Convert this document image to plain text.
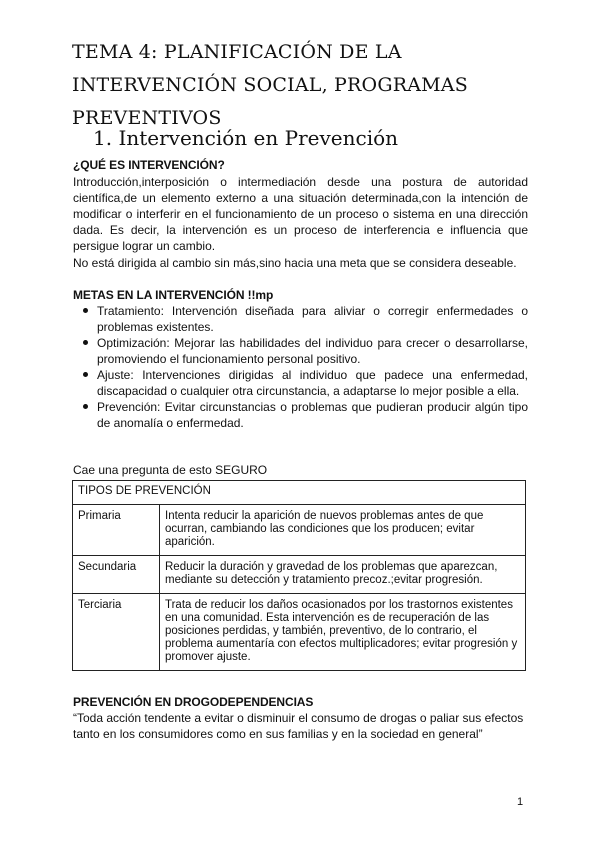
TEMA 4: PLANIFICACIÓN DE LA INTERVENCIÓN SOCIAL, PROGRAMAS
PREVENTIVOS
1. Intervención en Prevención
¿QUÉ ES INTERVENCIÓN?
Introducción,interposición o intermediación desde una postura de autoridad científica,de un elemento externo a una situación determinada,con la intención de modificar o interferir en el funcionamiento de un proceso o sistema en una dirección dada. Es decir, la intervención es un proceso de interferencia e influencia que persigue lograr un cambio.
No está dirigida al cambio sin más,sino hacia una meta que se considera deseable.
METAS EN LA INTERVENCIÓN !!mp
Tratamiento: Intervención diseñada para aliviar o corregir enfermedades o problemas existentes.
Optimización: Mejorar las habilidades del individuo para crecer o desarrollarse, promoviendo el funcionamiento personal positivo.
Ajuste: Intervenciones dirigidas al individuo que padece una enfermedad, discapacidad o cualquier otra circunstancia, a adaptarse lo mejor posible a ella.
Prevención: Evitar circunstancias o problemas que pudieran producir algún tipo de anomalía o enfermedad.
Cae una pregunta de esto SEGURO
TIPOS DE PREVENCIÓN	
Primaria	Intenta reducir la aparición de nuevos problemas antes de que ocurran, cambiando las condiciones que los producen; evitar aparición.
Secundaria	Reducir la duración y gravedad de los problemas que aparezcan, mediante su detección y tratamiento precoz.;evitar progresión.
Terciaria	Trata de reducir los daños ocasionados por los trastornos existentes en una comunidad. Esta intervención es de recuperación de las posiciones perdidas, y también, preventivo, de lo contrario, el problema aumentaría con efectos multiplicadores; evitar progresión y promover ajuste.
PREVENCIÓN EN DROGODEPENDENCIAS
“Toda acción tendente a evitar o disminuir el consumo de drogas o paliar sus efectos tanto en los consumidores como en sus familias y en la sociedad en general”
1
